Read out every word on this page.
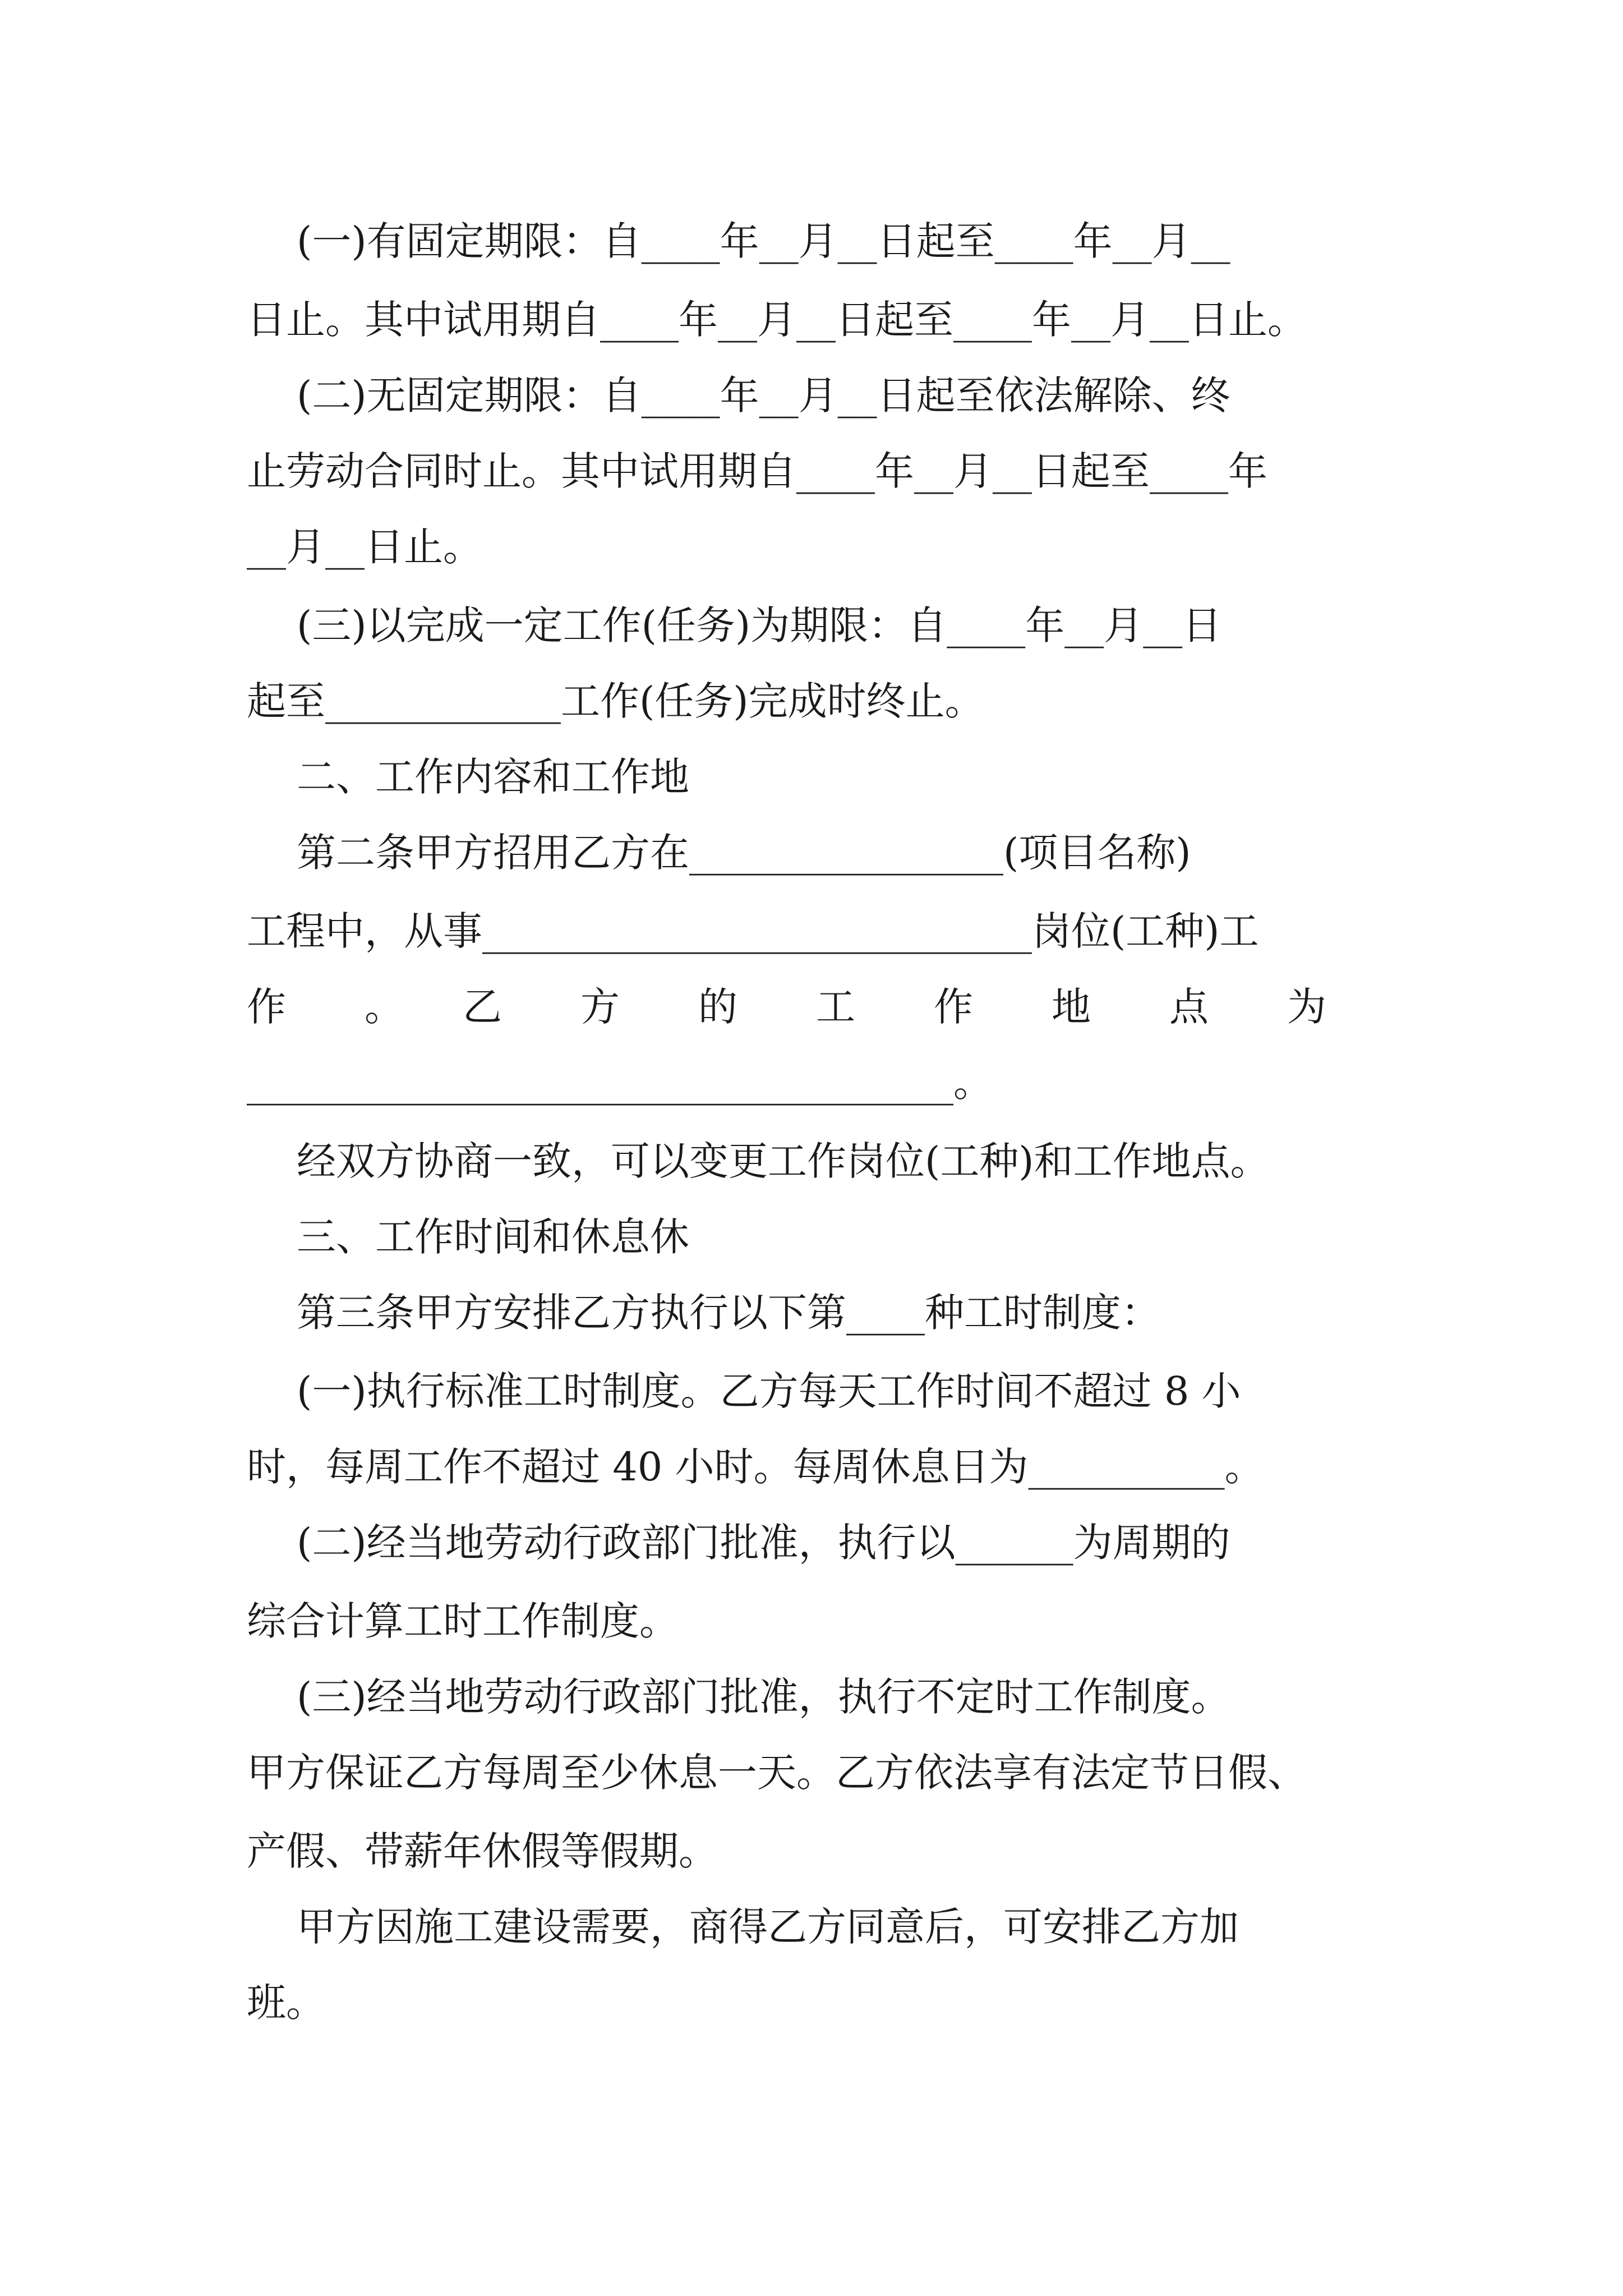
(一)有固定期限：自____年__月__日起至____年__月__
日止。其中试用期自____年__月__日起至____年__月__日止。
(二)无固定期限：自____年__月__日起至依法解除、终
止劳动合同时止。其中试用期自____年__月__日起至____年
__月__日止。
(三)以完成一定工作(任务)为期限：自____年__月__日
起至____________工作(任务)完成时终止。
二、工作内容和工作地
第二条甲方招用乙方在________________(项目名称)
工程中，从事____________________________岗位(工种)工
作　　。　　乙　　方　　的　　工　　作　　地　　点　　为
____________________________________。
经双方协商一致，可以变更工作岗位(工种)和工作地点。
三、工作时间和休息休
第三条甲方安排乙方执行以下第____种工时制度：
(一)执行标准工时制度。乙方每天工作时间不超过 8 小
时，每周工作不超过 40 小时。每周休息日为__________。
(二)经当地劳动行政部门批准，执行以______为周期的
综合计算工时工作制度。
(三)经当地劳动行政部门批准，执行不定时工作制度。
甲方保证乙方每周至少休息一天。乙方依法享有法定节日假、
产假、带薪年休假等假期。
甲方因施工建设需要，商得乙方同意后，可安排乙方加
班。
